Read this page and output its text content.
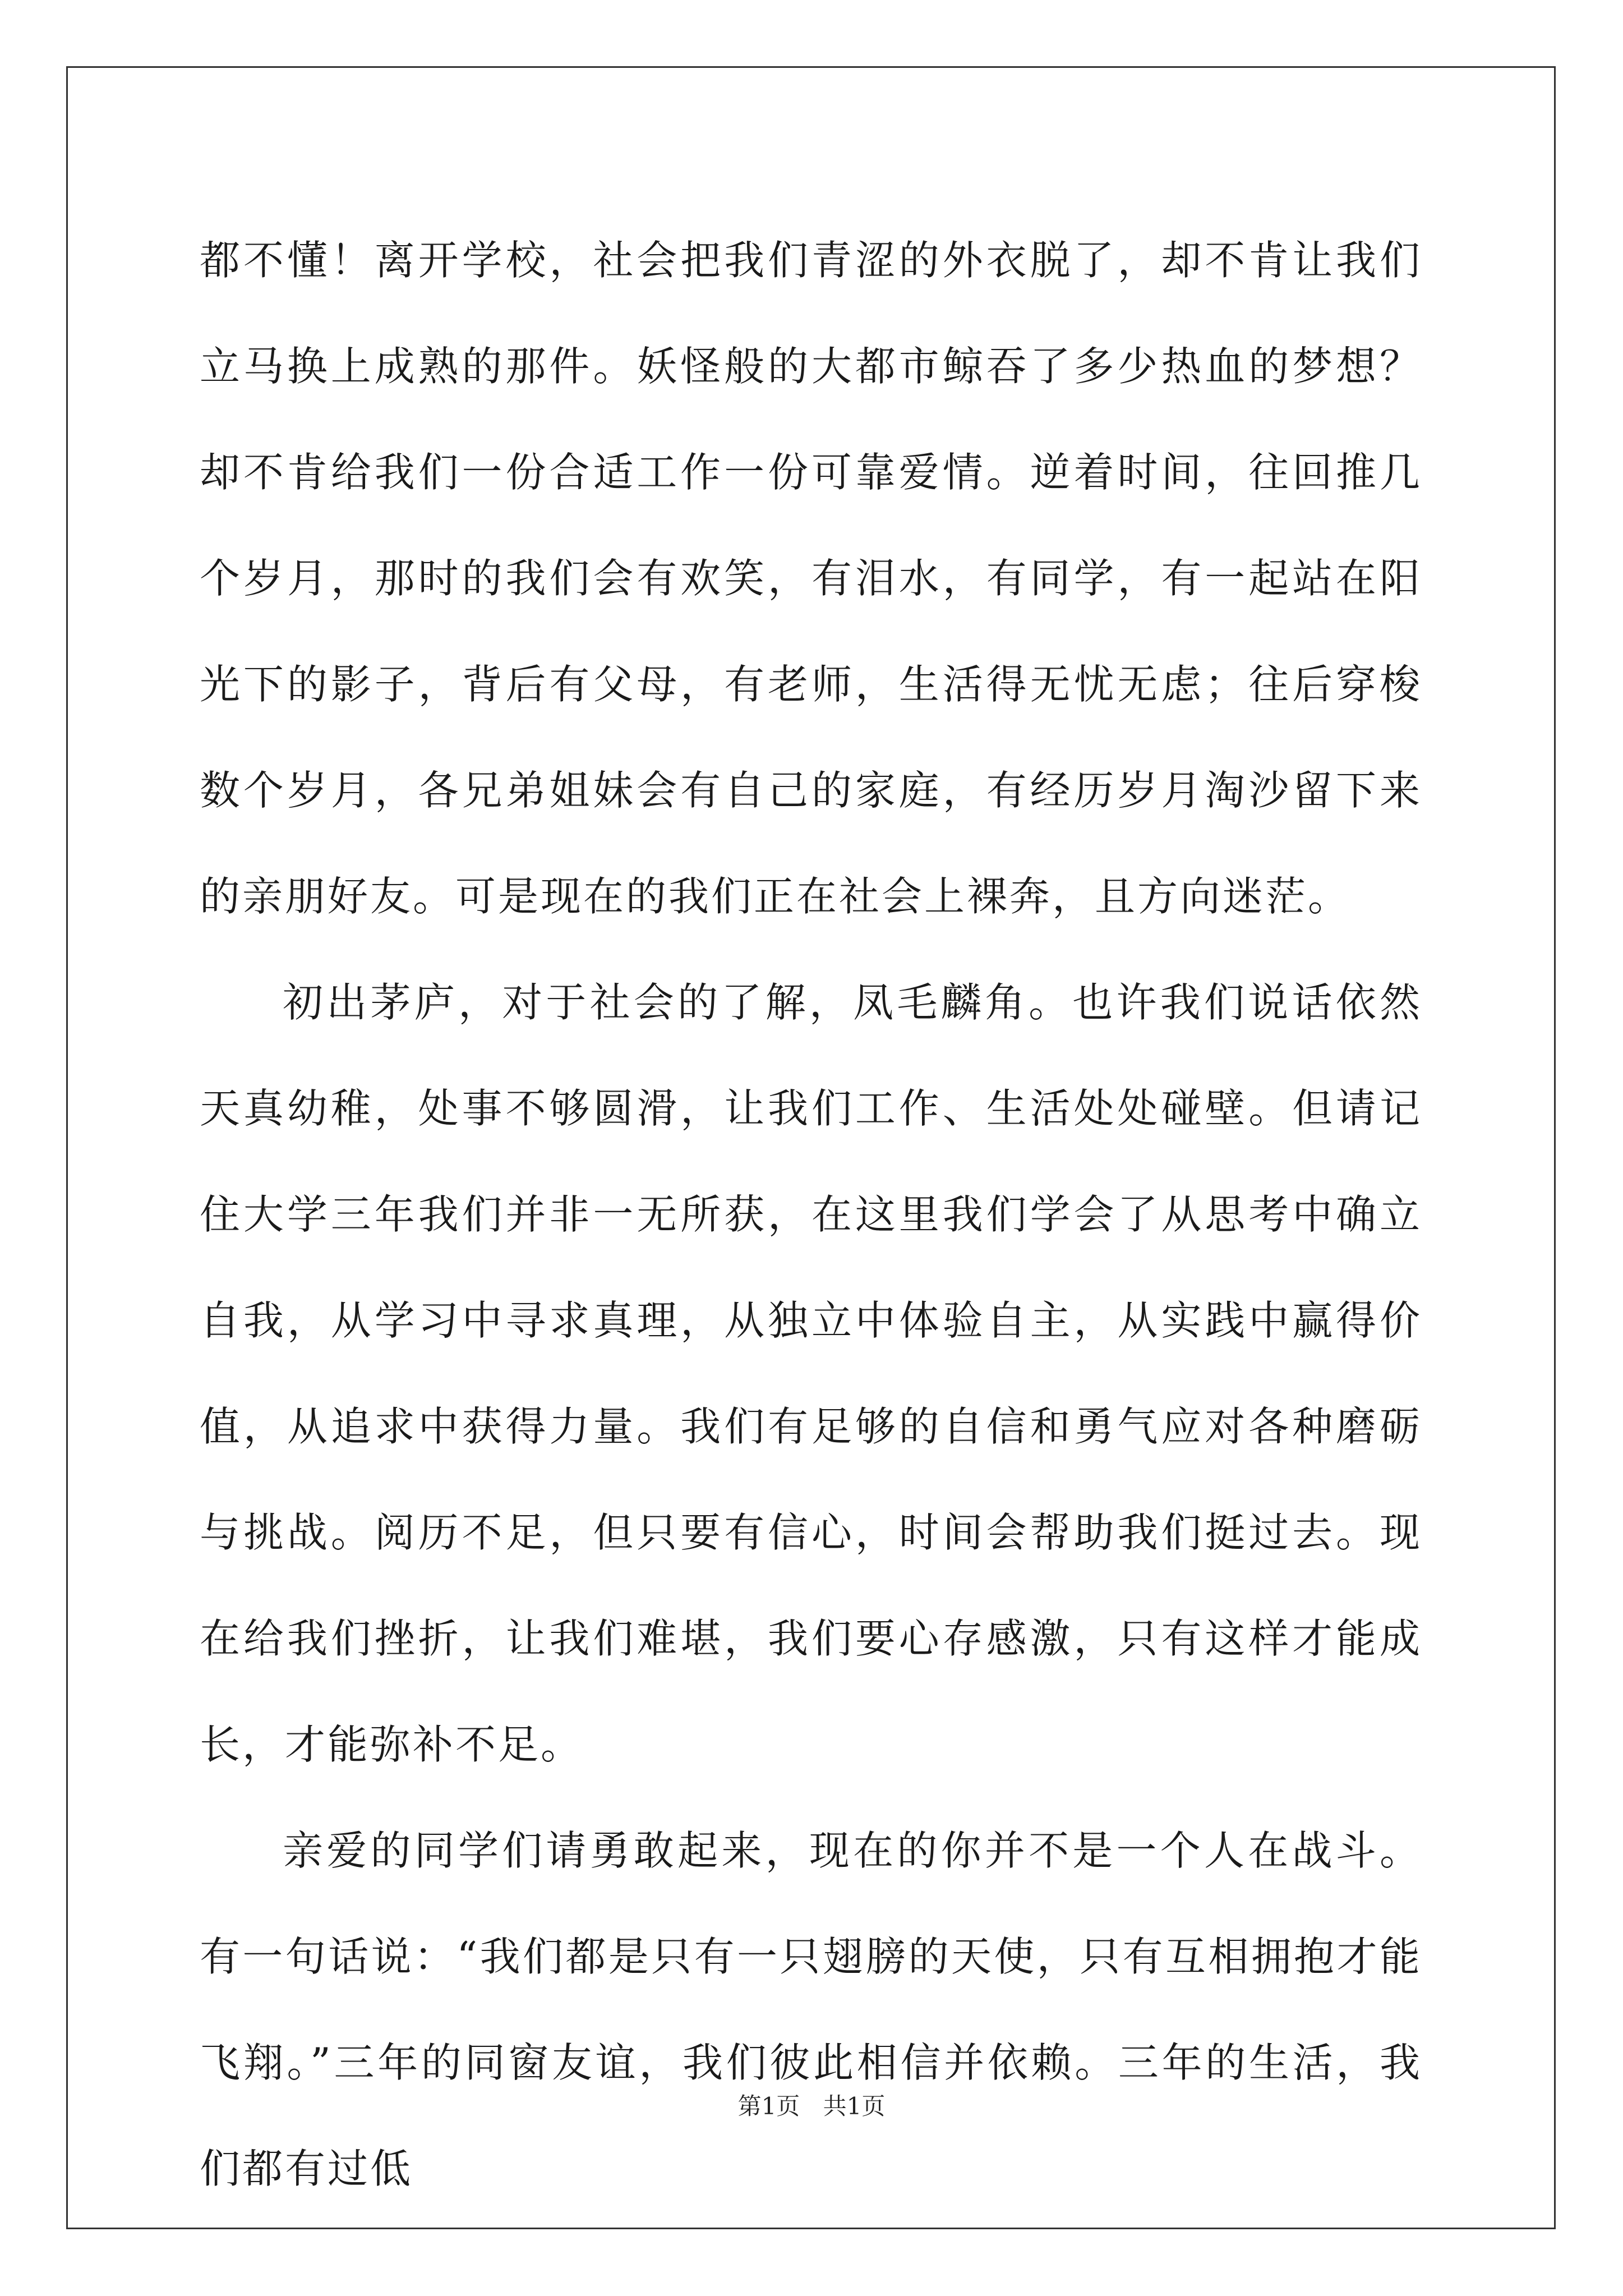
都不懂！离开学校，社会把我们青涩的外衣脱了，却不肯让我们立马换上成熟的那件。妖怪般的大都市鲸吞了多少热血的梦想？却不肯给我们一份合适工作一份可靠爱情。逆着时间，往回推几个岁月，那时的我们会有欢笑，有泪水，有同学，有一起站在阳光下的影子，背后有父母，有老师，生活得无忧无虑；往后穿梭数个岁月，各兄弟姐妹会有自己的家庭，有经历岁月淘沙留下来的亲朋好友。可是现在的我们正在社会上裸奔，且方向迷茫。

初出茅庐，对于社会的了解，凤毛麟角。也许我们说话依然天真幼稚，处事不够圆滑，让我们工作、生活处处碰壁。但请记住大学三年我们并非一无所获，在这里我们学会了从思考中确立自我，从学习中寻求真理，从独立中体验自主，从实践中赢得价值，从追求中获得力量。我们有足够的自信和勇气应对各种磨砺与挑战。阅历不足，但只要有信心，时间会帮助我们挺过去。现在给我们挫折，让我们难堪，我们要心存感激，只有这样才能成长，才能弥补不足。

亲爱的同学们请勇敢起来，现在的你并不是一个人在战斗。有一句话说：“我们都是只有一只翅膀的天使，只有互相拥抱才能飞翔。”三年的同窗友谊，我们彼此相信并依赖。三年的生活，我们都有过低

第1页 共1页
